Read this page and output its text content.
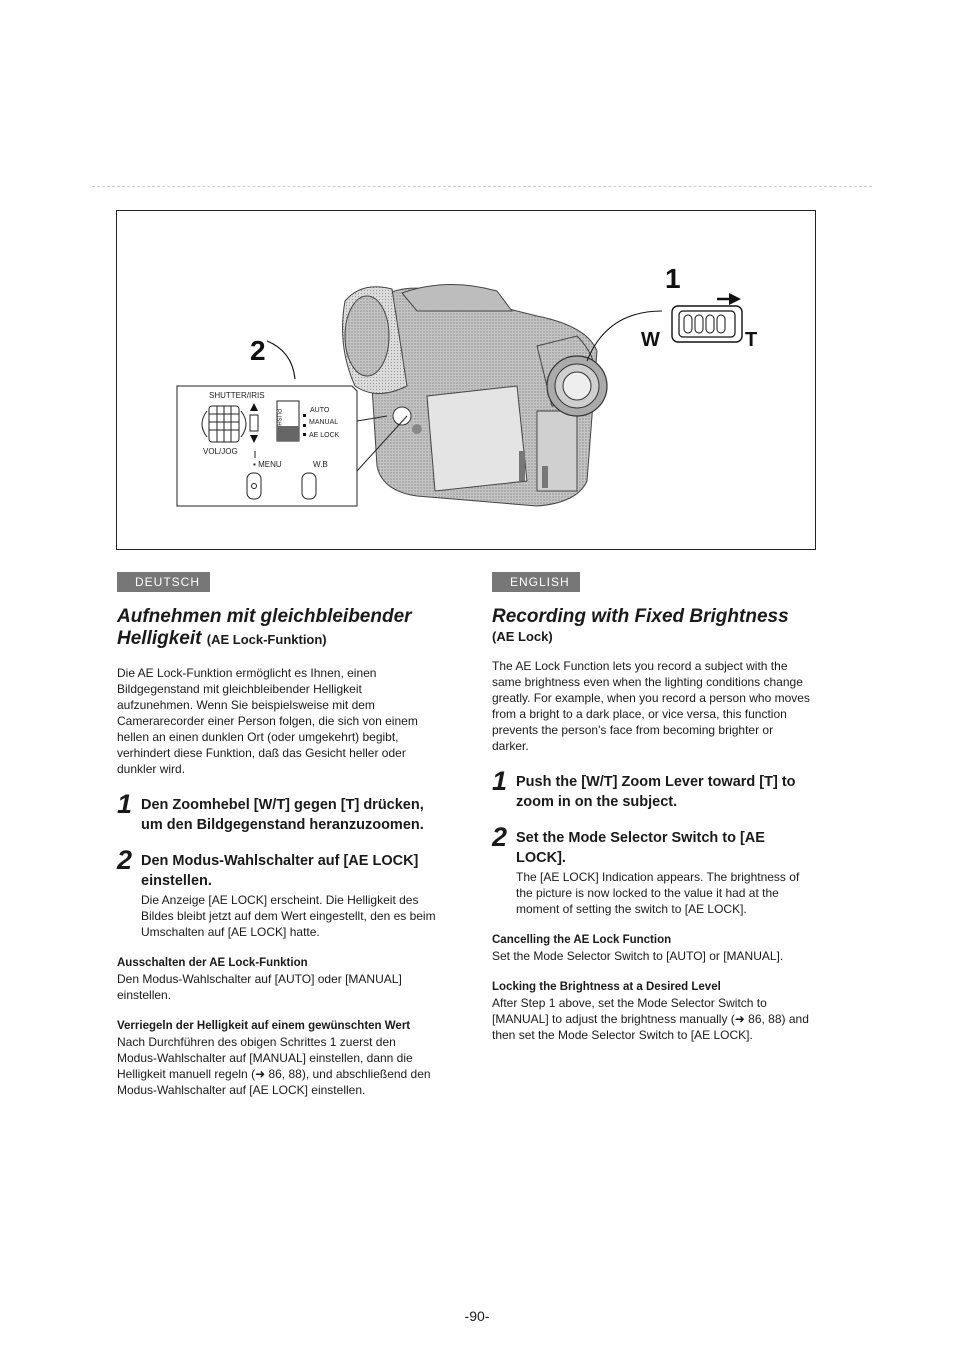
1
2	W	T
SHUTTER/IRIS
VOL/JOG
PUSH	AUTO
MANUAL
AE LOCK
▪ MENU	W.B
DEUTSCH
Aufnehmen mit gleichbleibender
Helligkeit (AE Lock-Funktion)

Die AE Lock-Funktion ermöglicht es Ihnen, einen Bildgegenstand mit gleichbleibender Helligkeit aufzunehmen. Wenn Sie beispielsweise mit dem Camerarecorder einer Person folgen, die sich von einem hellen an einen dunklen Ort (oder umgekehrt) begibt, verhindert diese Funktion, daß das Gesicht heller oder dunkler wird.

1 Den Zoomhebel [W/T] gegen [T] drücken, um den Bildgegenstand heranzuzoomen.
2 Den Modus-Wahlschalter auf [AE LOCK] einstellen.
Die Anzeige [AE LOCK] erscheint. Die Helligkeit des Bildes bleibt jetzt auf dem Wert eingestellt, den es beim Umschalten auf [AE LOCK] hatte.
Ausschalten der AE Lock-Funktion
Den Modus-Wahlschalter auf [AUTO] oder [MANUAL] einstellen.
Verriegeln der Helligkeit auf einem gewünschten Wert
Nach Durchführen des obigen Schrittes 1 zuerst den Modus-Wahlschalter auf [MANUAL] einstellen, dann die Helligkeit manuell regeln (➜ 86, 88), und abschließend den Modus-Wahlschalter auf [AE LOCK] einstellen.
ENGLISH
Recording with Fixed Brightness
(AE Lock)

The AE Lock Function lets you record a subject with the same brightness even when the lighting conditions change greatly. For example, when you record a person who moves from a bright to a dark place, or vice versa, this function prevents the person's face from becoming brighter or darker.

1 Push the [W/T] Zoom Lever toward [T] to zoom in on the subject.
2 Set the Mode Selector Switch to [AE LOCK].
The [AE LOCK] Indication appears. The brightness of the picture is now locked to the value it had at the moment of setting the switch to [AE LOCK].
Cancelling the AE Lock Function
Set the Mode Selector Switch to [AUTO] or [MANUAL].
Locking the Brightness at a Desired Level
After Step 1 above, set the Mode Selector Switch to [MANUAL] to adjust the brightness manually (➜ 86, 88) and then set the Mode Selector Switch to [AE LOCK].
-90-
